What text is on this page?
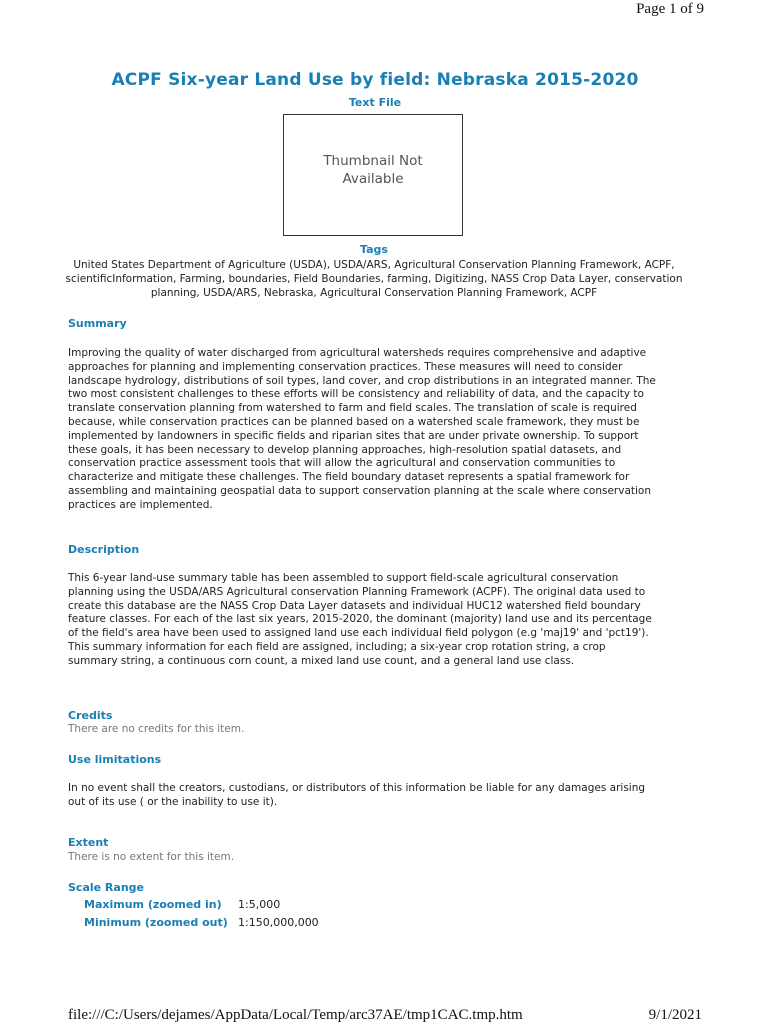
Page 1 of 9
ACPF Six-year Land Use by field: Nebraska 2015-2020
Text File
Thumbnail Not Available
Tags
United States Department of Agriculture (USDA), USDA/ARS, Agricultural Conservation Planning Framework, ACPF, scientificInformation, Farming, boundaries, Field Boundaries, farming, Digitizing, NASS Crop Data Layer, conservation planning, USDA/ARS, Nebraska, Agricultural Conservation Planning Framework, ACPF
Summary
Improving the quality of water discharged from agricultural watersheds requires comprehensive and adaptive approaches for planning and implementing conservation practices. These measures will need to consider landscape hydrology, distributions of soil types, land cover, and crop distributions in an integrated manner. The two most consistent challenges to these efforts will be consistency and reliability of data, and the capacity to translate conservation planning from watershed to farm and field scales. The translation of scale is required because, while conservation practices can be planned based on a watershed scale framework, they must be implemented by landowners in specific fields and riparian sites that are under private ownership. To support these goals, it has been necessary to develop planning approaches, high-resolution spatial datasets, and conservation practice assessment tools that will allow the agricultural and conservation communities to characterize and mitigate these challenges. The field boundary dataset represents a spatial framework for assembling and maintaining geospatial data to support conservation planning at the scale where conservation practices are implemented.
Description
This 6-year land-use summary table has been assembled to support field-scale agricultural conservation planning using the USDA/ARS Agricultural conservation Planning Framework (ACPF). The original data used to create this database are the NASS Crop Data Layer datasets and individual HUC12 watershed field boundary feature classes. For each of the last six years, 2015-2020, the dominant (majority) land use and its percentage of the field's area have been used to assigned land use each individual field polygon (e.g 'maj19' and 'pct19'). This summary information for each field are assigned, including; a six-year crop rotation string, a crop summary string, a continuous corn count, a mixed land use count, and a general land use class.
Credits
There are no credits for this item.
Use limitations
In no event shall the creators, custodians, or distributors of this information be liable for any damages arising out of its use ( or the inability to use it).
Extent
There is no extent for this item.
Scale Range
Maximum (zoomed in) 1:5,000
Minimum (zoomed out) 1:150,000,000
file:///C:/Users/dejames/AppData/Local/Temp/arc37AE/tmp1CAC.tmp.htm	9/1/2021
